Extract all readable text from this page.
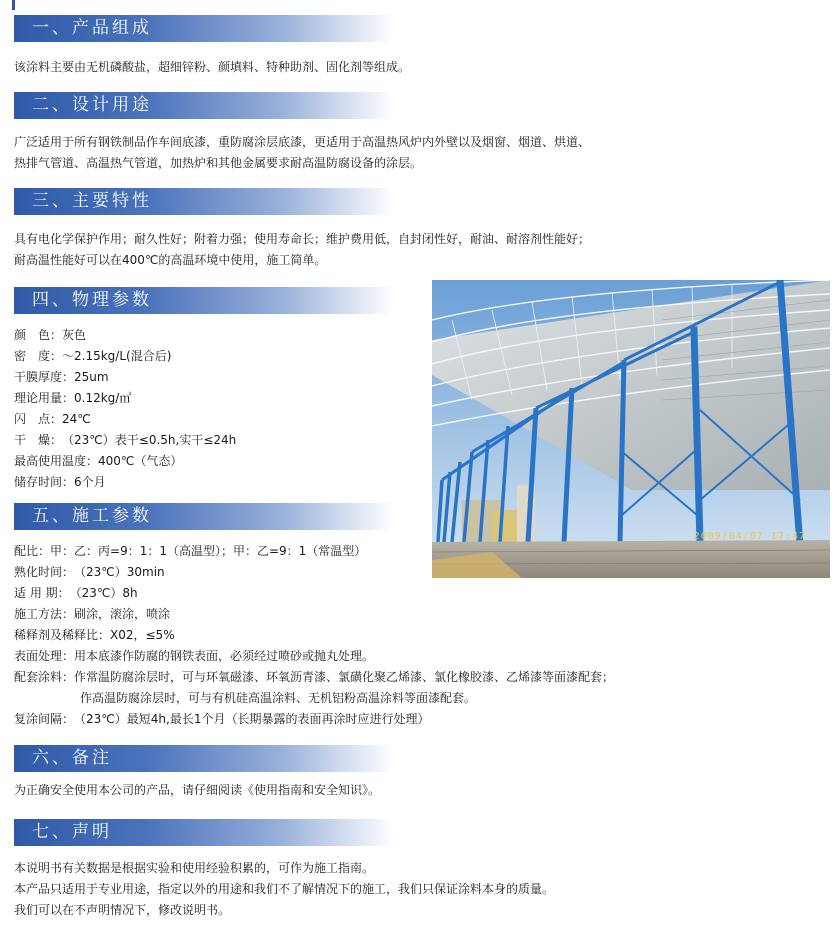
一、产品组成
该涂料主要由无机磷酸盐，超细锌粉、颜填料、特种助剂、固化剂等组成。
二、设计用途
广泛适用于所有钢铁制品作车间底漆，重防腐涂层底漆，更适用于高温热风炉内外壁以及烟窗、烟道、烘道、
热排气管道、高温热气管道，加热炉和其他金属要求耐高温防腐设备的涂层。
三、主要特性
具有电化学保护作用；耐久性好；附着力强；使用寿命长；维护费用低，自封闭性好，耐油、耐溶剂性能好；
耐高温性能好可以在400℃的高温环境中使用，施工简单。
四、物理参数
颜　色：灰色
密　度：～2.15kg/L(混合后)
干膜厚度：25um
理论用量：0.12kg/㎡
闪　点：24℃
干　燥：（23℃）表干≤0.5h,实干≤24h
最高使用温度：400℃（气态）
储存时间：6个月
2009/04/07 17:47
五、施工参数
配比：甲：乙：丙=9：1：1（高温型）；甲：乙=9：1（常温型）
熟化时间：（23℃）30min
适 用 期：（23℃）8h
施工方法：刷涂，滚涂，喷涂
稀释剂及稀释比：X02，≤5%
表面处理：用本底漆作防腐的钢铁表面，必须经过喷砂或抛丸处理。
配套涂料：作常温防腐涂层时，可与环氧磁漆、环氧沥青漆、氯磺化聚乙烯漆、氯化橡胶漆、乙烯漆等面漆配套；
作高温防腐涂层时，可与有机硅高温涂料、无机铝粉高温涂料等面漆配套。
复涂间隔：（23℃）最短4h,最长1个月（长期暴露的表面再涂时应进行处理）
六、备注
为正确安全使用本公司的产品，请仔细阅读《使用指南和安全知识》。
七、声明
本说明书有关数据是根据实验和使用经验积累的，可作为施工指南。
本产品只适用于专业用途，指定以外的用途和我们不了解情况下的施工，我们只保证涂料本身的质量。
我们可以在不声明情况下，修改说明书。
